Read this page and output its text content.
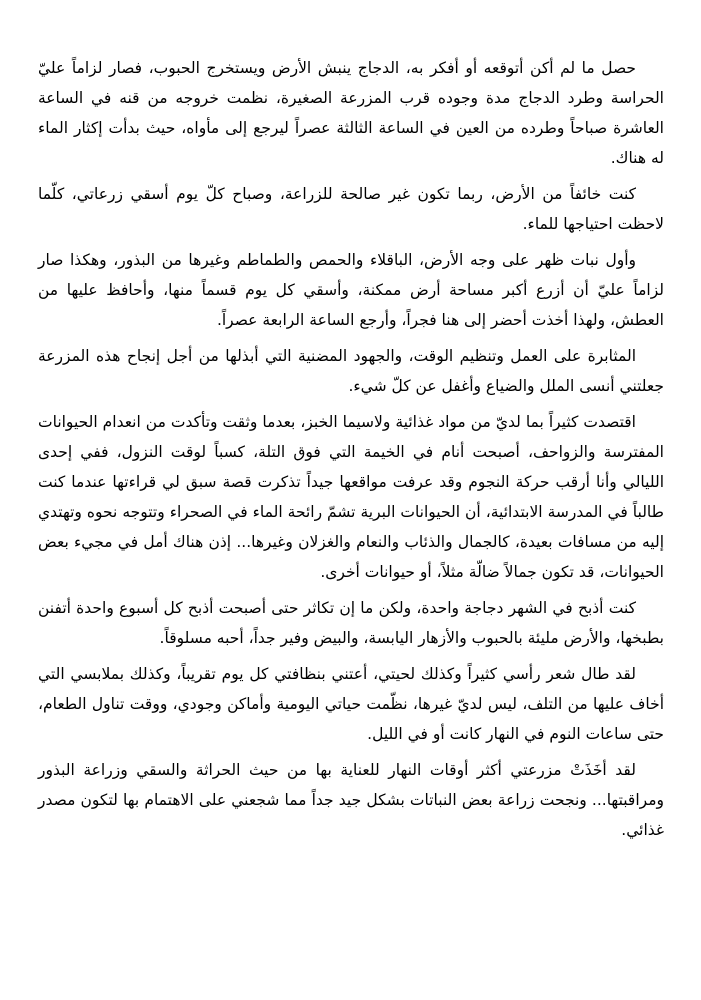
حصل ما لم أكن أتوقعه أو أفكر به، الدجاج ينبش الأرض ويستخرج الحبوب، فصار لزاماً عليّ الحراسة وطرد الدجاج مدة وجوده قرب المزرعة الصغيرة، نظمت خروجه من قنه في الساعة العاشرة صباحاً وطرده من العين في الساعة الثالثة عصراً ليرجع إلى مأواه، حيث بدأت إكثار الماء له هناك.

كنت خائفاً من الأرض، ربما تكون غير صالحة للزراعة، وصباح كلّ يوم أسقي زرعاتي، كلّما لاحظت احتياجها للماء.

وأول نبات ظهر على وجه الأرض، الباقلاء والحمص والطماطم وغيرها من البذور، وهكذا صار لزاماً عليّ أن أزرع أكبر مساحة أرض ممكنة، وأسقي كل يوم قسماً منها، وأحافظ عليها من العطش، ولهذا أخذت أحضر إلى هنا فجراً، وأرجع الساعة الرابعة عصراً.

المثابرة على العمل وتنظيم الوقت، والجهود المضنية التي أبذلها من أجل إنجاح هذه المزرعة جعلتني أنسى الملل والضياع وأغفل عن كلّ شيء.

اقتصدت كثيراً بما لديّ من مواد غذائية ولاسيما الخبز، بعدما وثقت وتأكدت من انعدام الحيوانات المفترسة والزواحف، أصبحت أنام في الخيمة التي فوق التلة، كسباً لوقت النزول، ففي إحدى الليالي وأنا أرقب حركة النجوم وقد عرفت مواقعها جيداً تذكرت قصة سبق لي قراءتها عندما كنت طالباً في المدرسة الابتدائية، أن الحيوانات البرية تشمّ رائحة الماء في الصحراء وتتوجه نحوه وتهتدي إليه من مسافات بعيدة، كالجمال والذئاب والنعام والغزلان وغيرها... إذن هناك أمل في مجيء بعض الحيوانات، قد تكون جمالاً ضالّة مثلاً، أو حيوانات أخرى.

كنت أذبح في الشهر دجاجة واحدة، ولكن ما إن تكاثر حتى أصبحت أذبح كل أسبوع واحدة أتفنن بطبخها، والأرض مليئة بالحبوب والأزهار اليابسة، والبيض وفير جداً، أحبه مسلوقاً.

لقد طال شعر رأسي كثيراً وكذلك لحيتي، أعتني بنظافتي كل يوم تقريباً، وكذلك بملابسي التي أخاف عليها من التلف، ليس لديّ غيرها، نظّمت حياتي اليومية وأماكن وجودي، ووقت تناول الطعام، حتى ساعات النوم في النهار كانت أو في الليل.

لقد أخَذَتْ مزرعتي أكثر أوقات النهار للعناية بها من حيث الحراثة والسقي وزراعة البذور ومراقبتها... ونجحت زراعة بعض النباتات بشكل جيد جداً مما شجعني على الاهتمام بها لتكون مصدر غذائي.
